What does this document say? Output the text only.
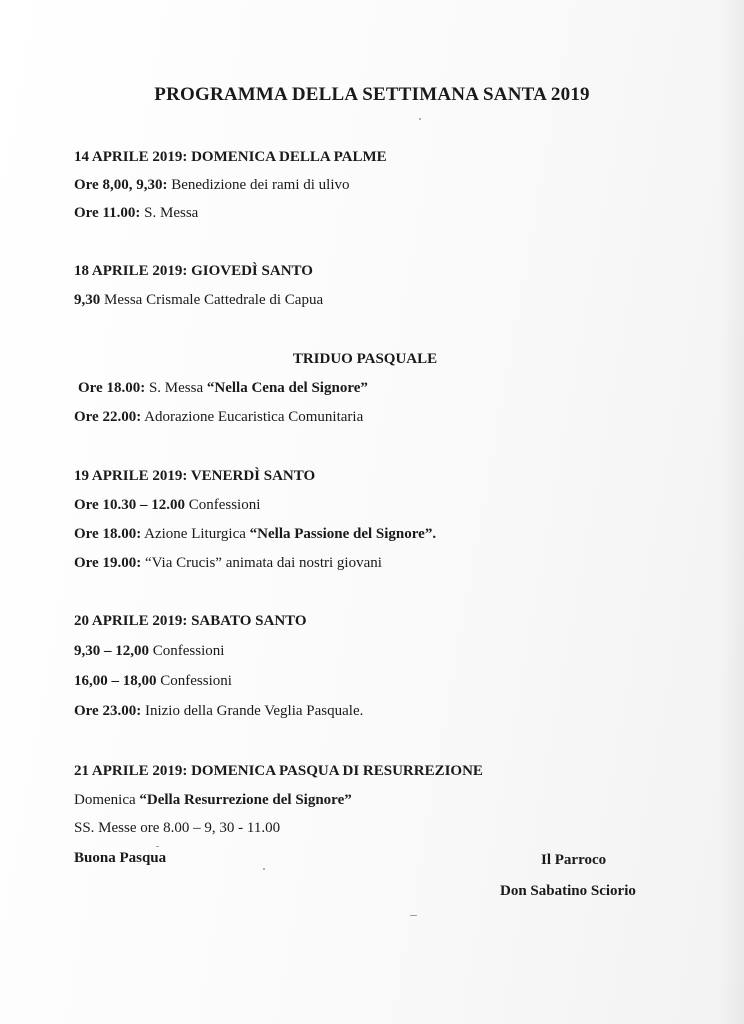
PROGRAMMA DELLA SETTIMANA SANTA 2019
14 APRILE 2019: DOMENICA DELLA PALME
Ore 8,00, 9,30: Benedizione dei rami di ulivo
Ore 11.00: S. Messa
18 APRILE 2019: GIOVEDÌ SANTO
9,30 Messa Crismale Cattedrale di Capua
TRIDUO PASQUALE
Ore 18.00: S. Messa “Nella Cena del Signore”
Ore 22.00: Adorazione Eucaristica Comunitaria
19 APRILE 2019: VENERDÌ SANTO
Ore 10.30 – 12.00 Confessioni
Ore 18.00: Azione Liturgica “Nella Passione del Signore”.
Ore 19.00: “Via Crucis” animata dai nostri giovani
20 APRILE 2019: SABATO SANTO
9,30 – 12,00 Confessioni
16,00 – 18,00 Confessioni
Ore 23.00: Inizio della Grande Veglia Pasquale.
21 APRILE 2019: DOMENICA PASQUA DI RESURREZIONE
Domenica “Della Resurrezione del Signore”
SS. Messe ore 8.00 – 9, 30 - 11.00
Buona Pasqua	Il Parroco
Don Sabatino Sciorio
